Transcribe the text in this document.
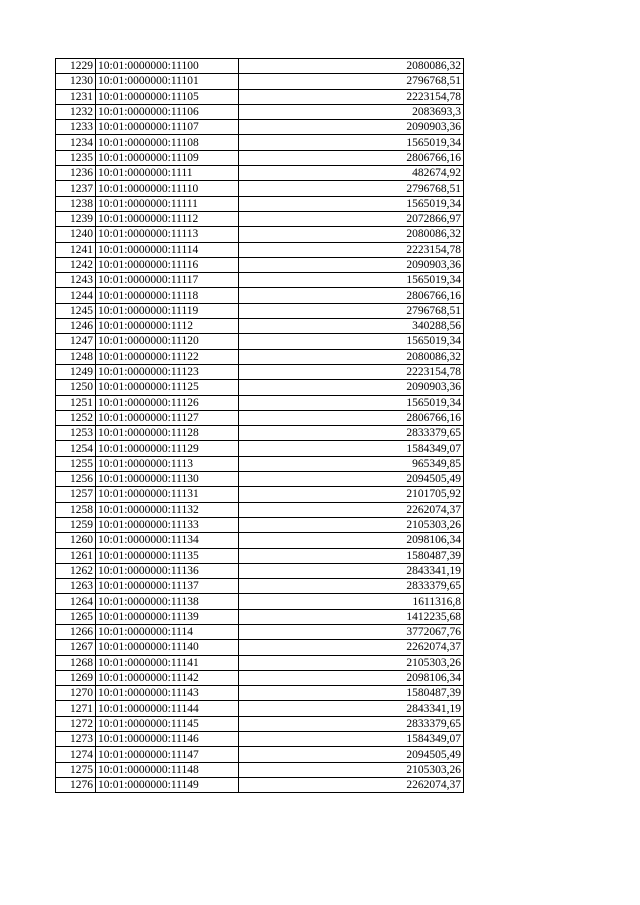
1229	10:01:0000000:11100	2080086,32
1230	10:01:0000000:11101	2796768,51
1231	10:01:0000000:11105	2223154,78
1232	10:01:0000000:11106	2083693,3
1233	10:01:0000000:11107	2090903,36
1234	10:01:0000000:11108	1565019,34
1235	10:01:0000000:11109	2806766,16
1236	10:01:0000000:1111	482674,92
1237	10:01:0000000:11110	2796768,51
1238	10:01:0000000:11111	1565019,34
1239	10:01:0000000:11112	2072866,97
1240	10:01:0000000:11113	2080086,32
1241	10:01:0000000:11114	2223154,78
1242	10:01:0000000:11116	2090903,36
1243	10:01:0000000:11117	1565019,34
1244	10:01:0000000:11118	2806766,16
1245	10:01:0000000:11119	2796768,51
1246	10:01:0000000:1112	340288,56
1247	10:01:0000000:11120	1565019,34
1248	10:01:0000000:11122	2080086,32
1249	10:01:0000000:11123	2223154,78
1250	10:01:0000000:11125	2090903,36
1251	10:01:0000000:11126	1565019,34
1252	10:01:0000000:11127	2806766,16
1253	10:01:0000000:11128	2833379,65
1254	10:01:0000000:11129	1584349,07
1255	10:01:0000000:1113	965349,85
1256	10:01:0000000:11130	2094505,49
1257	10:01:0000000:11131	2101705,92
1258	10:01:0000000:11132	2262074,37
1259	10:01:0000000:11133	2105303,26
1260	10:01:0000000:11134	2098106,34
1261	10:01:0000000:11135	1580487,39
1262	10:01:0000000:11136	2843341,19
1263	10:01:0000000:11137	2833379,65
1264	10:01:0000000:11138	1611316,8
1265	10:01:0000000:11139	1412235,68
1266	10:01:0000000:1114	3772067,76
1267	10:01:0000000:11140	2262074,37
1268	10:01:0000000:11141	2105303,26
1269	10:01:0000000:11142	2098106,34
1270	10:01:0000000:11143	1580487,39
1271	10:01:0000000:11144	2843341,19
1272	10:01:0000000:11145	2833379,65
1273	10:01:0000000:11146	1584349,07
1274	10:01:0000000:11147	2094505,49
1275	10:01:0000000:11148	2105303,26
1276	10:01:0000000:11149	2262074,37
